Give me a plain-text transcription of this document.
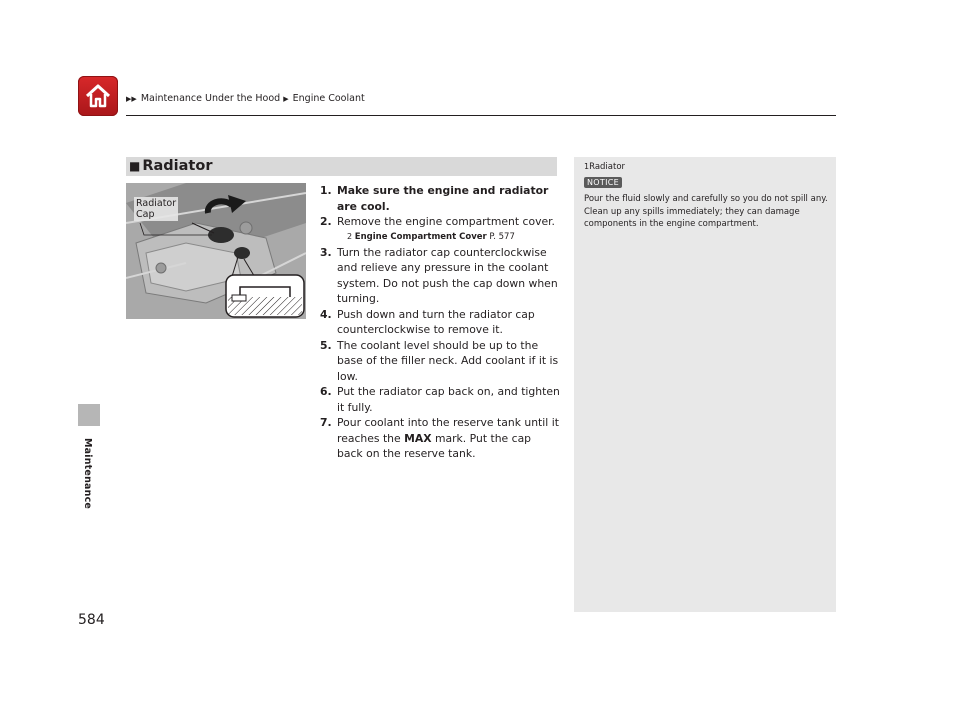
▶▶ Maintenance Under the Hood ▶ Engine Coolant
Maintenance
■ Radiator
Radiator
Cap

1. Make sure the engine and radiator are cool.

2. Remove the engine compartment cover.

2 Engine Compartment Cover P. 577

3. Turn the radiator cap counterclockwise and relieve any pressure in the coolant system. Do not push the cap down when turning.

4. Push down and turn the radiator cap counterclockwise to remove it.

5. The coolant level should be up to the base of the filler neck. Add coolant if it is low.

6. Put the radiator cap back on, and tighten it fully.

7. Pour coolant into the reserve tank until it reaches the MAX mark. Put the cap back on the reserve tank.

1Radiator
NOTICE
Pour the fluid slowly and carefully so you do not spill any. Clean up any spills immediately; they can damage components in the engine compartment.
584
